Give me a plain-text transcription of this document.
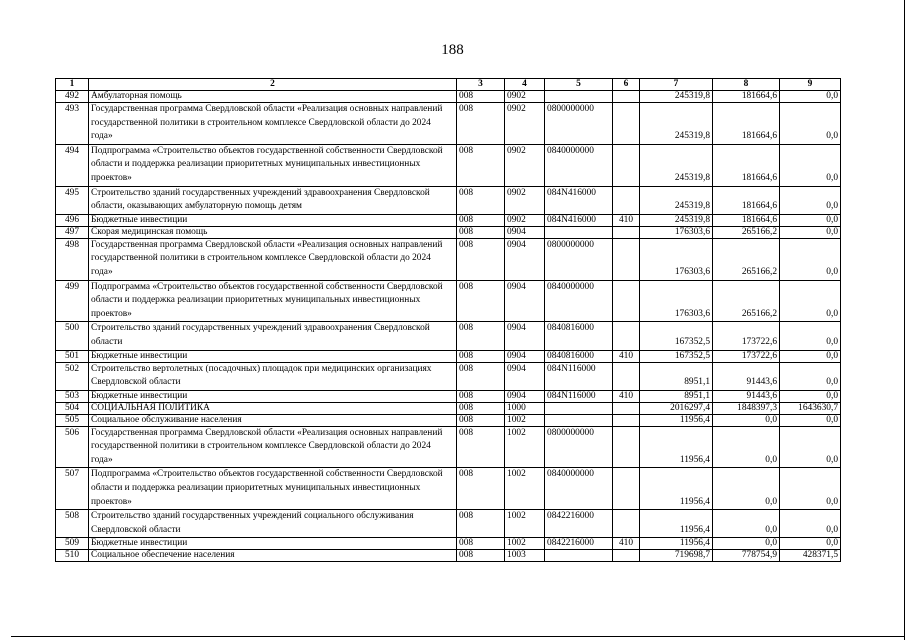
188
1	2	3	4	5	6	7	8	9
492	Амбулаторная помощь	008	0902			245319,8	181664,6	0,0
493	Государственная программа Свердловской области «Реализация основных направлений государственной политики в строительном комплексе Свердловской области до 2024 года»	008	0902	0800000000		245319,8	181664,6	0,0
494	Подпрограмма «Строительство объектов государственной собственности Свердловской области и поддержка реализации приоритетных муниципальных инвестиционных проектов»	008	0902	0840000000		245319,8	181664,6	0,0
495	Строительство зданий государственных учреждений здравоохранения Свердловской области, оказывающих амбулаторную помощь детям	008	0902	084N416000		245319,8	181664,6	0,0
496	Бюджетные инвестиции	008	0902	084N416000	410	245319,8	181664,6	0,0
497	Скорая медицинская помощь	008	0904			176303,6	265166,2	0,0
498	Государственная программа Свердловской области «Реализация основных направлений государственной политики в строительном комплексе Свердловской области до 2024 года»	008	0904	0800000000		176303,6	265166,2	0,0
499	Подпрограмма «Строительство объектов государственной собственности Свердловской области и поддержка реализации приоритетных муниципальных инвестиционных проектов»	008	0904	0840000000		176303,6	265166,2	0,0
500	Строительство зданий государственных учреждений здравоохранения Свердловской области	008	0904	0840816000		167352,5	173722,6	0,0
501	Бюджетные инвестиции	008	0904	0840816000	410	167352,5	173722,6	0,0
502	Строительство вертолетных (посадочных) площадок при медицинских организациях Свердловской области	008	0904	084N116000		8951,1	91443,6	0,0
503	Бюджетные инвестиции	008	0904	084N116000	410	8951,1	91443,6	0,0
504	СОЦИАЛЬНАЯ ПОЛИТИКА	008	1000			2016297,4	1848397,3	1643630,7
505	Социальное обслуживание населения	008	1002			11956,4	0,0	0,0
506	Государственная программа Свердловской области «Реализация основных направлений государственной политики в строительном комплексе Свердловской области до 2024 года»	008	1002	0800000000		11956,4	0,0	0,0
507	Подпрограмма «Строительство объектов государственной собственности Свердловской области и поддержка реализации приоритетных муниципальных инвестиционных проектов»	008	1002	0840000000		11956,4	0,0	0,0
508	Строительство зданий государственных учреждений социального обслуживания Свердловской области	008	1002	0842216000		11956,4	0,0	0,0
509	Бюджетные инвестиции	008	1002	0842216000	410	11956,4	0,0	0,0
510	Социальное обеспечение населения	008	1003			719698,7	778754,9	428371,5
